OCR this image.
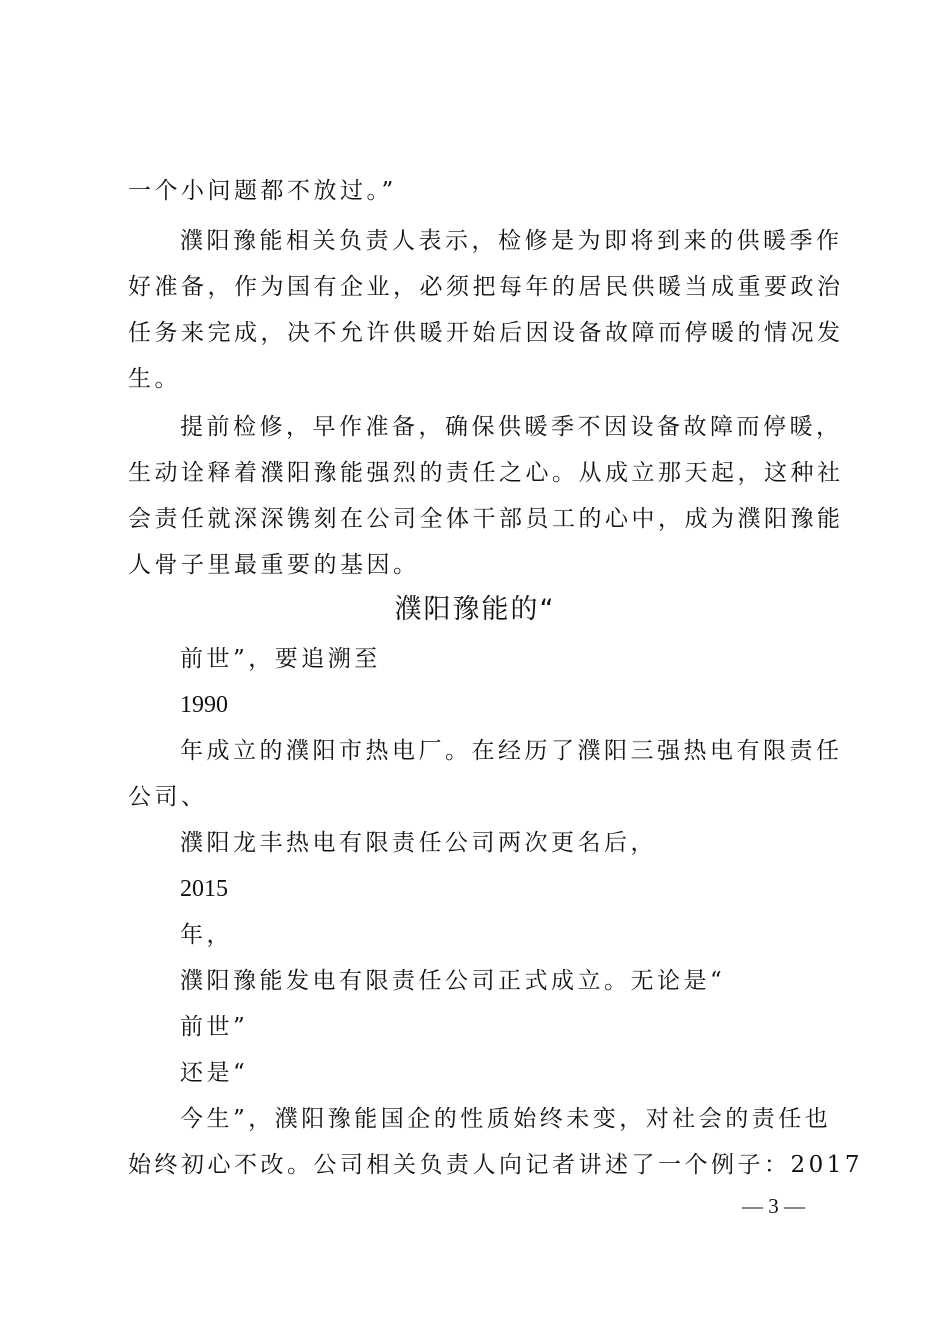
一个小问题都不放过。”
濮阳豫能相关负责人表示，检修是为即将到来的供暖季作
好准备，作为国有企业，必须把每年的居民供暖当成重要政治
任务来完成，决不允许供暖开始后因设备故障而停暖的情况发
生。
提前检修，早作准备，确保供暖季不因设备故障而停暖，
生动诠释着濮阳豫能强烈的责任之心。从成立那天起，这种社
会责任就深深镌刻在公司全体干部员工的心中，成为濮阳豫能
人骨子里最重要的基因。
濮阳豫能的“
前世”，要追溯至
1990
年成立的濮阳市热电厂。在经历了濮阳三强热电有限责任
公司、
濮阳龙丰热电有限责任公司两次更名后，
2015
年，
濮阳豫能发电有限责任公司正式成立。无论是“
前世”
还是“
今生”，濮阳豫能国企的性质始终未变，对社会的责任也
始终初心不改。公司相关负责人向记者讲述了一个例子：2017
— 3 —
